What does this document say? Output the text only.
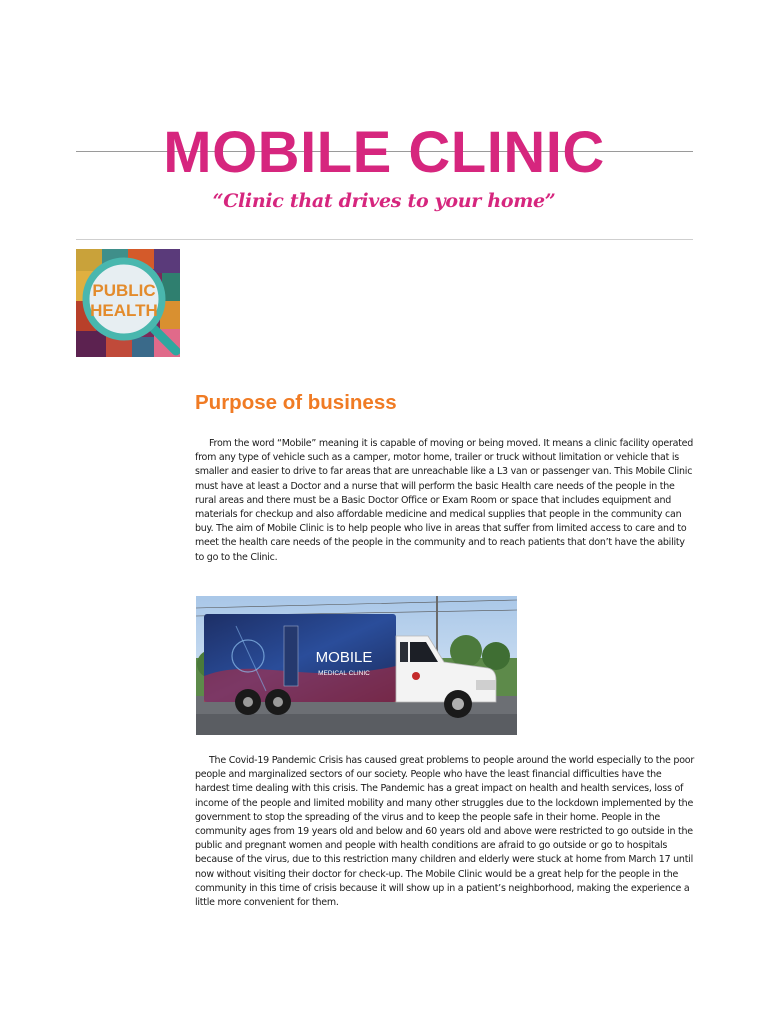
MOBILE CLINIC
“Clinic that drives to your home”
PUBLIC
HEALTH
Purpose of business

From the word “Mobile” meaning it is capable of moving or being moved. It means a clinic facility operated from any type of vehicle such as a camper, motor home, trailer or truck without limitation or vehicle that is smaller and easier to drive to far areas that are unreachable like a L3 van or passenger van. This Mobile Clinic must have at least a Doctor and a nurse that will perform the basic Health care needs of the people in the rural areas and there must be a Basic Doctor Office or Exam Room or space that includes equipment and materials for checkup and also affordable medicine and medical supplies that people in the community can buy. The aim of Mobile Clinic is to help people who live in areas that suffer from limited access to care and to meet the health care needs of the people in the community and to reach patients that don’t have the ability to go to the Clinic.

MOBILE
MEDICAL CLINIC

The Covid-19 Pandemic Crisis has caused great problems to people around the world especially to the poor people and marginalized sectors of our society. People who have the least financial difficulties have the hardest time dealing with this crisis. The Pandemic has a great impact on health and health services, loss of income of the people and limited mobility and many other struggles due to the lockdown implemented by the government to stop the spreading of the virus and to keep the people safe in their home. People in the community ages from 19 years old and below and 60 years old and above were restricted to go outside in the public and pregnant women and people with health conditions are afraid to go outside or go to hospitals because of the virus, due to this restriction many children and elderly were stuck at home from March 17 until now without visiting their doctor for check-up. The Mobile Clinic would be a great help for the people in the community in this time of crisis because it will show up in a patient’s neighborhood, making the experience a little more convenient for them.
